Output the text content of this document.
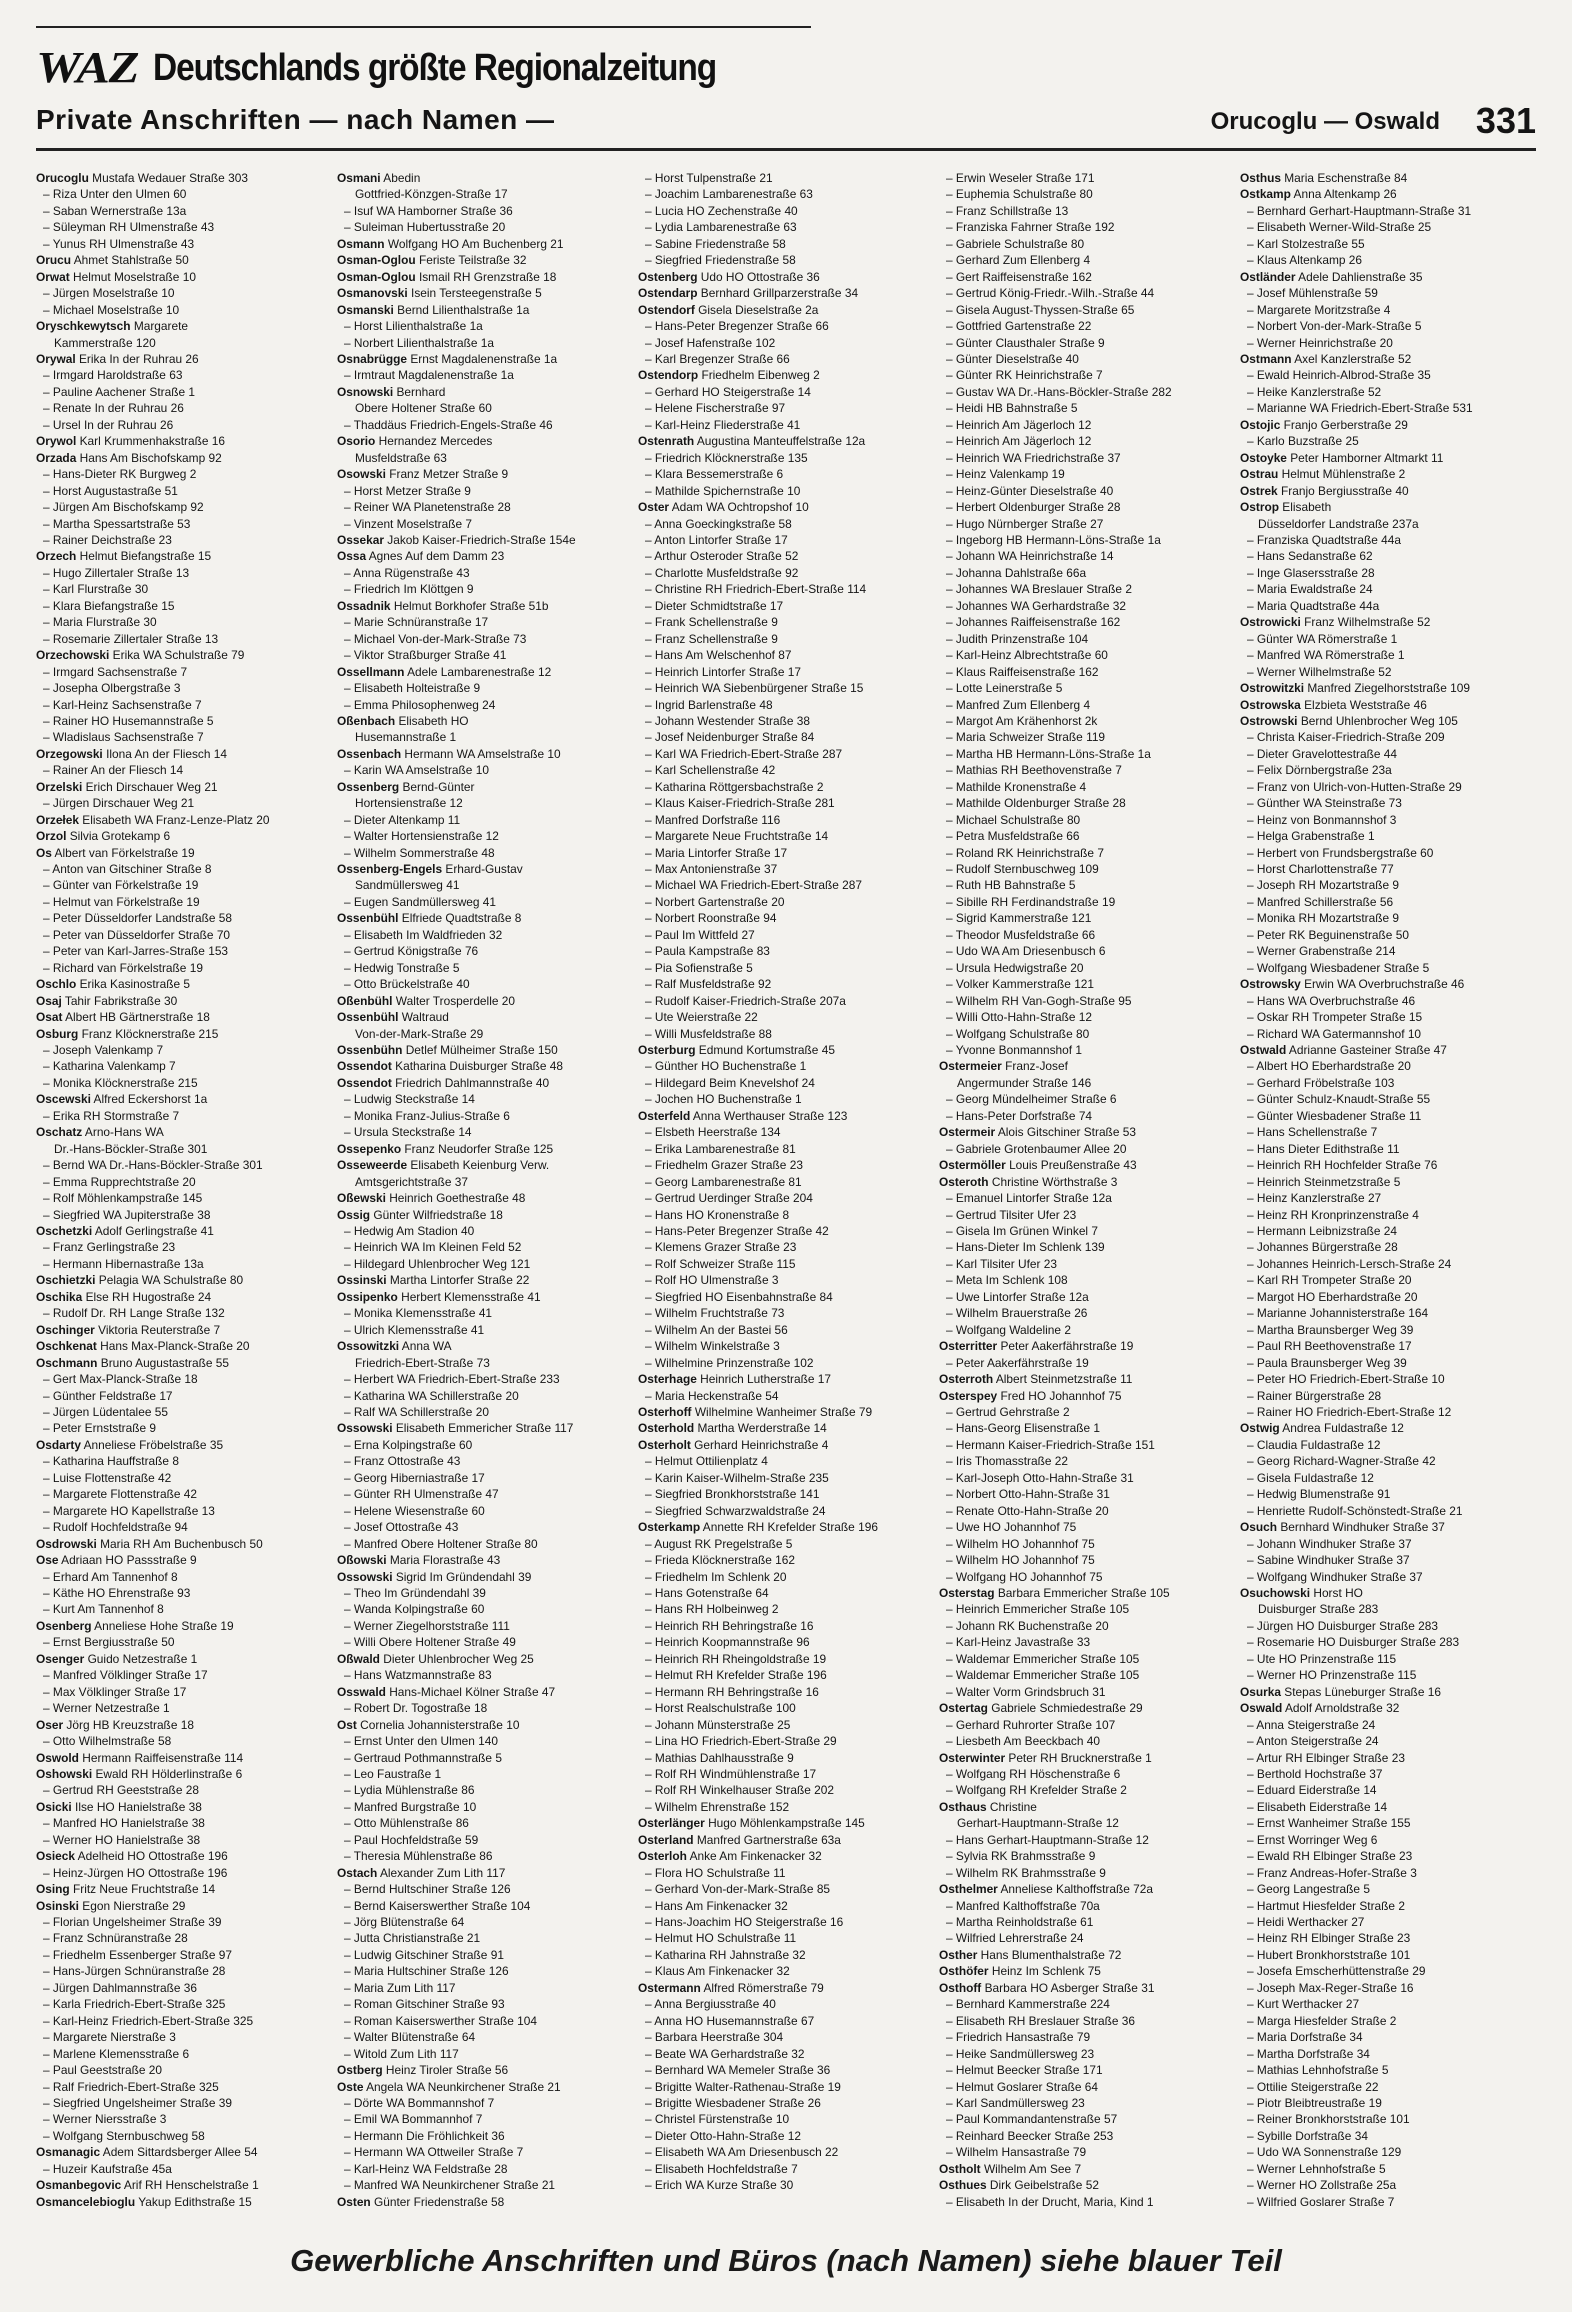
WAZ Deutschlands größte Regionalzeitung
Private Anschriften — nach Namen —	Orucoglu — Oswald 331
Orucoglu Mustafa Wedauer Straße 303
– Riza Unter den Ulmen 60
– Saban Wernerstraße 13a
– Süleyman RH Ulmenstraße 43
– Yunus RH Ulmenstraße 43
Orucu Ahmet Stahlstraße 50
Orwat Helmut Moselstraße 10
– Jürgen Moselstraße 10
– Michael Moselstraße 10
Oryschkewytsch Margarete
Kammerstraße 120
Orywal Erika In der Ruhrau 26
– Irmgard Haroldstraße 63
– Pauline Aachener Straße 1
– Renate In der Ruhrau 26
– Ursel In der Ruhrau 26
Orywol Karl Krummenhakstraße 16
Orzada Hans Am Bischofskamp 92
– Hans-Dieter RK Burgweg 2
– Horst Augustastraße 51
– Jürgen Am Bischofskamp 92
– Martha Spessartstraße 53
– Rainer Deichstraße 23
Orzech Helmut Biefangstraße 15
– Hugo Zillertaler Straße 13
– Karl Flurstraße 30
– Klara Biefangstraße 15
– Maria Flurstraße 30
– Rosemarie Zillertaler Straße 13
Orzechowski Erika WA Schulstraße 79
– Irmgard Sachsenstraße 7
– Josepha Olbergstraße 3
– Karl-Heinz Sachsenstraße 7
– Rainer HO Husemannstraße 5
– Wladislaus Sachsenstraße 7
Orzegowski Ilona An der Fliesch 14
– Rainer An der Fliesch 14
Orzelski Erich Dirschauer Weg 21
– Jürgen Dirschauer Weg 21
Orzełek Elisabeth WA Franz-Lenze-Platz 20
Orzol Silvia Grotekamp 6
Os Albert van Förkelstraße 19
– Anton van Gitschiner Straße 8
– Günter van Förkelstraße 19
– Helmut van Förkelstraße 19
– Peter Düsseldorfer Landstraße 58
– Peter van Düsseldorfer Straße 70
– Peter van Karl-Jarres-Straße 153
– Richard van Förkelstraße 19
Oschlo Erika Kasinostraße 5
Osaj Tahir Fabrikstraße 30
Osat Albert HB Gärtnerstraße 18
Osburg Franz Klöcknerstraße 215
– Joseph Valenkamp 7
– Katharina Valenkamp 7
– Monika Klöcknerstraße 215
Oscewski Alfred Eckershorst 1a
– Erika RH Stormstraße 7
Oschatz Arno-Hans WA
Dr.-Hans-Böckler-Straße 301
– Bernd WA Dr.-Hans-Böckler-Straße 301
– Emma Rupprechtstraße 20
– Rolf Möhlenkampstraße 145
– Siegfried WA Jupiterstraße 38
Oschetzki Adolf Gerlingstraße 41
– Franz Gerlingstraße 23
– Hermann Hibernastraße 13a
Oschietzki Pelagia WA Schulstraße 80
Oschika Else RH Hugostraße 24
– Rudolf Dr. RH Lange Straße 132
Oschinger Viktoria Reuterstraße 7
Oschkenat Hans Max-Planck-Straße 20
Oschmann Bruno Augustastraße 55
– Gert Max-Planck-Straße 18
– Günther Feldstraße 17
– Jürgen Lüdentalee 55
– Peter Ernststraße 9
Osdarty Anneliese Fröbelstraße 35
– Katharina Hauffstraße 8
– Luise Flottenstraße 42
– Margarete Flottenstraße 42
– Margarete HO Kapellstraße 13
– Rudolf Hochfeldstraße 94
Osdrowski Maria RH Am Buchenbusch 50
Ose Adriaan HO Passstraße 9
– Erhard Am Tannenhof 8
– Käthe HO Ehrenstraße 93
– Kurt Am Tannenhof 8
Osenberg Anneliese Hohe Straße 19
– Ernst Bergiusstraße 50
Osenger Guido Netzestraße 1
– Manfred Völklinger Straße 17
– Max Völklinger Straße 17
– Werner Netzestraße 1
Oser Jörg HB Kreuzstraße 18
– Otto Wilhelmstraße 58
Oswold Hermann Raiffeisenstraße 114
Oshowski Ewald RH Hölderlinstraße 6
– Gertrud RH Geeststraße 28
Osicki Ilse HO Hanielstraße 38
– Manfred HO Hanielstraße 38
– Werner HO Hanielstraße 38
Osieck Adelheid HO Ottostraße 196
– Heinz-Jürgen HO Ottostraße 196
Osing Fritz Neue Fruchtstraße 14
Osinski Egon Nierstraße 29
– Florian Ungelsheimer Straße 39
– Franz Schnüranstraße 28
– Friedhelm Essenberger Straße 97
– Hans-Jürgen Schnüranstraße 28
– Jürgen Dahlmannstraße 36
– Karla Friedrich-Ebert-Straße 325
– Karl-Heinz Friedrich-Ebert-Straße 325
– Margarete Nierstraße 3
– Marlene Klemensstraße 6
– Paul Geeststraße 20
– Ralf Friedrich-Ebert-Straße 325
– Siegfried Ungelsheimer Straße 39
– Werner Niersstraße 3
– Wolfgang Sternbuschweg 58
Osmanagic Adem Sittardsberger Allee 54
– Huzeir Kaufstraße 45a
Osmanbegovic Arif RH Henschelstraße 1
Osmancelebioglu Yakup Edithstraße 15
Osmani Abedin
Gottfried-Könzgen-Straße 17
– Isuf WA Hamborner Straße 36
– Suleiman Hubertusstraße 20
Osmann Wolfgang HO Am Buchenberg 21
Osman-Oglou Feriste Teilstraße 32
Osman-Oglou Ismail RH Grenzstraße 18
Osmanovski Isein Tersteegenstraße 5
Osmanski Bernd Lilienthalstraße 1a
– Horst Lilienthalstraße 1a
– Norbert Lilienthalstraße 1a
Osnabrügge Ernst Magdalenenstraße 1a
– Irmtraut Magdalenenstraße 1a
Osnowski Bernhard
Obere Holtener Straße 60
– Thaddäus Friedrich-Engels-Straße 46
Osorio Hernandez Mercedes
Musfeldstraße 63
Osowski Franz Metzer Straße 9
– Horst Metzer Straße 9
– Reiner WA Planetenstraße 28
– Vinzent Moselstraße 7
Ossekar Jakob Kaiser-Friedrich-Straße 154e
Ossa Agnes Auf dem Damm 23
– Anna Rügenstraße 43
– Friedrich Im Klöttgen 9
Ossadnik Helmut Borkhofer Straße 51b
– Marie Schnüranstraße 17
– Michael Von-der-Mark-Straße 73
– Viktor Straßburger Straße 41
Ossellmann Adele Lambarenestraße 12
– Elisabeth Holteistraße 9
– Emma Philosophenweg 24
Oßenbach Elisabeth HO
Husemannstraße 1
Ossenbach Hermann WA Amselstraße 10
– Karin WA Amselstraße 10
Ossenberg Bernd-Günter
Hortensienstraße 12
– Dieter Altenkamp 11
– Walter Hortensienstraße 12
– Wilhelm Sommerstraße 48
Ossenberg-Engels Erhard-Gustav
Sandmüllersweg 41
– Eugen Sandmüllersweg 41
Ossenbühl Elfriede Quadtstraße 8
– Elisabeth Im Waldfrieden 32
– Gertrud Königstraße 76
– Hedwig Tonstraße 5
– Otto Brückelstraße 40
Oßenbühl Walter Trosperdelle 20
Ossenbühl Waltraud
Von-der-Mark-Straße 29
Ossenbühn Detlef Mülheimer Straße 150
Ossendot Katharina Duisburger Straße 48
Ossendot Friedrich Dahlmannstraße 40
– Ludwig Steckstraße 14
– Monika Franz-Julius-Straße 6
– Ursula Steckstraße 14
Ossepenko Franz Neudorfer Straße 125
Osseweerde Elisabeth Keienburg Verw.
Amtsgerichtstraße 37
Oßewski Heinrich Goethestraße 48
Ossig Günter Wilfriedstraße 18
– Hedwig Am Stadion 40
– Heinrich WA Im Kleinen Feld 52
– Hildegard Uhlenbrocher Weg 121
Ossinski Martha Lintorfer Straße 22
Ossipenko Herbert Klemensstraße 41
– Monika Klemensstraße 41
– Ulrich Klemensstraße 41
Ossowitzki Anna WA
Friedrich-Ebert-Straße 73
– Herbert WA Friedrich-Ebert-Straße 233
– Katharina WA Schillerstraße 20
– Ralf WA Schillerstraße 20
Ossowski Elisabeth Emmericher Straße 117
– Erna Kolpingstraße 60
– Franz Ottostraße 43
– Georg Hiberniastraße 17
– Günter RH Ulmenstraße 47
– Helene Wiesenstraße 60
– Josef Ottostraße 43
– Manfred Obere Holtener Straße 80
Oßowski Maria Florastraße 43
Ossowski Sigrid Im Gründendahl 39
– Theo Im Gründendahl 39
– Wanda Kolpingstraße 60
– Werner Ziegelhorststraße 111
– Willi Obere Holtener Straße 49
Oßwald Dieter Uhlenbrocher Weg 25
– Hans Watzmannstraße 83
Osswald Hans-Michael Kölner Straße 47
– Robert Dr. Togostraße 18
Ost Cornelia Johannisterstraße 10
– Ernst Unter den Ulmen 140
– Gertraud Pothmannstraße 5
– Leo Faustraße 1
– Lydia Mühlenstraße 86
– Manfred Burgstraße 10
– Otto Mühlenstraße 86
– Paul Hochfeldstraße 59
– Theresia Mühlenstraße 86
Ostach Alexander Zum Lith 117
– Bernd Hultschiner Straße 126
– Bernd Kaiserswerther Straße 104
– Jörg Blütenstraße 64
– Jutta Christianstraße 21
– Ludwig Gitschiner Straße 91
– Maria Hultschiner Straße 126
– Maria Zum Lith 117
– Roman Gitschiner Straße 93
– Roman Kaiserswerther Straße 104
– Walter Blütenstraße 64
– Witold Zum Lith 117
Ostberg Heinz Tiroler Straße 56
Oste Angela WA Neunkirchener Straße 21
– Dörte WA Bommannshof 7
– Emil WA Bommannhof 7
– Hermann Die Fröhlichkeit 36
– Hermann WA Ottweiler Straße 7
– Karl-Heinz WA Feldstraße 28
– Manfred WA Neunkirchener Straße 21
Osten Günter Friedenstraße 58
– Horst Tulpenstraße 21
– Joachim Lambarenestraße 63
– Lucia HO Zechenstraße 40
– Lydia Lambarenestraße 63
– Sabine Friedenstraße 58
– Siegfried Friedenstraße 58
Ostenberg Udo HO Ottostraße 36
Ostendarp Bernhard Grillparzerstraße 34
Ostendorf Gisela Dieselstraße 2a
– Hans-Peter Bregenzer Straße 66
– Josef Hafenstraße 102
– Karl Bregenzer Straße 66
Ostendorp Friedhelm Eibenweg 2
– Gerhard HO Steigerstraße 14
– Helene Fischerstraße 97
– Karl-Heinz Fliederstraße 41
Ostenrath Augustina Manteuffelstraße 12a
– Friedrich Klöcknerstraße 135
– Klara Bessemerstraße 6
– Mathilde Spichernstraße 10
Oster Adam WA Ochtropshof 10
– Anna Goeckingkstraße 58
– Anton Lintorfer Straße 17
– Arthur Osteroder Straße 52
– Charlotte Musfeldstraße 92
– Christine RH Friedrich-Ebert-Straße 114
– Dieter Schmidtstraße 17
– Frank Schellenstraße 9
– Franz Schellenstraße 9
– Hans Am Welschenhof 87
– Heinrich Lintorfer Straße 17
– Heinrich WA Siebenbürgener Straße 15
– Ingrid Barlenstraße 48
– Johann Westender Straße 38
– Josef Neidenburger Straße 84
– Karl WA Friedrich-Ebert-Straße 287
– Karl Schellenstraße 42
– Katharina Röttgersbachstraße 2
– Klaus Kaiser-Friedrich-Straße 281
– Manfred Dorfstraße 116
– Margarete Neue Fruchtstraße 14
– Maria Lintorfer Straße 17
– Max Antonienstraße 37
– Michael WA Friedrich-Ebert-Straße 287
– Norbert Gartenstraße 20
– Norbert Roonstraße 94
– Paul Im Wittfeld 27
– Paula Kampstraße 83
– Pia Sofienstraße 5
– Ralf Musfeldstraße 92
– Rudolf Kaiser-Friedrich-Straße 207a
– Ute Weierstraße 22
– Willi Musfeldstraße 88
Osterburg Edmund Kortumstraße 45
– Günther HO Buchenstraße 1
– Hildegard Beim Knevelshof 24
– Jochen HO Buchenstraße 1
Osterfeld Anna Werthauser Straße 123
– Elsbeth Heerstraße 134
– Erika Lambarenestraße 81
– Friedhelm Grazer Straße 23
– Georg Lambarenestraße 81
– Gertrud Uerdinger Straße 204
– Hans HO Kronenstraße 8
– Hans-Peter Bregenzer Straße 42
– Klemens Grazer Straße 23
– Rolf Schweizer Straße 115
– Rolf HO Ulmenstraße 3
– Siegfried HO Eisenbahnstraße 84
– Wilhelm Fruchtstraße 73
– Wilhelm An der Bastei 56
– Wilhelm Winkelstraße 3
– Wilhelmine Prinzenstraße 102
Osterhage Heinrich Lutherstraße 17
– Maria Heckenstraße 54
Osterhoff Wilhelmine Wanheimer Straße 79
Osterhold Martha Werderstraße 14
Osterholt Gerhard Heinrichstraße 4
– Helmut Ottilienplatz 4
– Karin Kaiser-Wilhelm-Straße 235
– Siegfried Bronkhorststraße 141
– Siegfried Schwarzwaldstraße 24
Osterkamp Annette RH Krefelder Straße 196
– August RK Pregelstraße 5
– Frieda Klöcknerstraße 162
– Friedhelm Im Schlenk 20
– Hans Gotenstraße 64
– Hans RH Holbeinweg 2
– Heinrich RH Behringstraße 16
– Heinrich Koopmannstraße 96
– Heinrich RH Rheingoldstraße 19
– Helmut RH Krefelder Straße 196
– Hermann RH Behringstraße 16
– Horst Realschulstraße 100
– Johann Münsterstraße 25
– Lina HO Friedrich-Ebert-Straße 29
– Mathias Dahlhausstraße 9
– Rolf RH Windmühlenstraße 17
– Rolf RH Winkelhauser Straße 202
– Wilhelm Ehrenstraße 152
Osterlänger Hugo Möhlenkampstraße 145
Osterland Manfred Gartnerstraße 63a
Osterloh Anke Am Finkenacker 32
– Flora HO Schulstraße 11
– Gerhard Von-der-Mark-Straße 85
– Hans Am Finkenacker 32
– Hans-Joachim HO Steigerstraße 16
– Helmut HO Schulstraße 11
– Katharina RH Jahnstraße 32
– Klaus Am Finkenacker 32
Ostermann Alfred Römerstraße 79
– Anna Bergiusstraße 40
– Anna HO Husemannstraße 67
– Barbara Heerstraße 304
– Beate WA Gerhardstraße 32
– Bernhard WA Memeler Straße 36
– Brigitte Walter-Rathenau-Straße 19
– Brigitte Wiesbadener Straße 26
– Christel Fürstenstraße 10
– Dieter Otto-Hahn-Straße 12
– Elisabeth WA Am Driesenbusch 22
– Elisabeth Hochfeldstraße 7
– Erich WA Kurze Straße 30
– Erwin Weseler Straße 171
– Euphemia Schulstraße 80
– Franz Schillstraße 13
– Franziska Fahrner Straße 192
– Gabriele Schulstraße 80
– Gerhard Zum Ellenberg 4
– Gert Raiffeisenstraße 162
– Gertrud König-Friedr.-Wilh.-Straße 44
– Gisela August-Thyssen-Straße 65
– Gottfried Gartenstraße 22
– Günter Clausthaler Straße 9
– Günter Dieselstraße 40
– Günter RK Heinrichstraße 7
– Gustav WA Dr.-Hans-Böckler-Straße 282
– Heidi HB Bahnstraße 5
– Heinrich Am Jägerloch 12
– Heinrich Am Jägerloch 12
– Heinrich WA Friedrichstraße 37
– Heinz Valenkamp 19
– Heinz-Günter Dieselstraße 40
– Herbert Oldenburger Straße 28
– Hugo Nürnberger Straße 27
– Ingeborg HB Hermann-Löns-Straße 1a
– Johann WA Heinrichstraße 14
– Johanna Dahlstraße 66a
– Johannes WA Breslauer Straße 2
– Johannes WA Gerhardstraße 32
– Johannes Raiffeisenstraße 162
– Judith Prinzenstraße 104
– Karl-Heinz Albrechtstraße 60
– Klaus Raiffeisenstraße 162
– Lotte Leinerstraße 5
– Manfred Zum Ellenberg 4
– Margot Am Krähenhorst 2k
– Maria Schweizer Straße 119
– Martha HB Hermann-Löns-Straße 1a
– Mathias RH Beethovenstraße 7
– Mathilde Kronenstraße 4
– Mathilde Oldenburger Straße 28
– Michael Schulstraße 80
– Petra Musfeldstraße 66
– Roland RK Heinrichstraße 7
– Rudolf Sternbuschweg 109
– Ruth HB Bahnstraße 5
– Sibille RH Ferdinandstraße 19
– Sigrid Kammerstraße 121
– Theodor Musfeldstraße 66
– Udo WA Am Driesenbusch 6
– Ursula Hedwigstraße 20
– Volker Kammerstraße 121
– Wilhelm RH Van-Gogh-Straße 95
– Willi Otto-Hahn-Straße 12
– Wolfgang Schulstraße 80
– Yvonne Bonmannshof 1
Ostermeier Franz-Josef
Angermunder Straße 146
– Georg Mündelheimer Straße 6
– Hans-Peter Dorfstraße 74
Ostermeir Alois Gitschiner Straße 53
– Gabriele Grotenbaumer Allee 20
Ostermöller Louis Preußenstraße 43
Osteroth Christine Wörthstraße 3
– Emanuel Lintorfer Straße 12a
– Gertrud Tilsiter Ufer 23
– Gisela Im Grünen Winkel 7
– Hans-Dieter Im Schlenk 139
– Karl Tilsiter Ufer 23
– Meta Im Schlenk 108
– Uwe Lintorfer Straße 12a
– Wilhelm Brauerstraße 26
– Wolfgang Waldeline 2
Osterritter Peter Aakerfährstraße 19
– Peter Aakerfährstraße 19
Osterroth Albert Steinmetzstraße 11
Osterspey Fred HO Johannhof 75
– Gertrud Gehrstraße 2
– Hans-Georg Elisenstraße 1
– Hermann Kaiser-Friedrich-Straße 151
– Iris Thomasstraße 22
– Karl-Joseph Otto-Hahn-Straße 31
– Norbert Otto-Hahn-Straße 31
– Renate Otto-Hahn-Straße 20
– Uwe HO Johannhof 75
– Wilhelm HO Johannhof 75
– Wilhelm HO Johannhof 75
– Wolfgang HO Johannhof 75
Osterstag Barbara Emmericher Straße 105
– Heinrich Emmericher Straße 105
– Johann RK Buchenstraße 20
– Karl-Heinz Javastraße 33
– Waldemar Emmericher Straße 105
– Waldemar Emmericher Straße 105
– Walter Vorm Grindsbruch 31
Ostertag Gabriele Schmiedestraße 29
– Gerhard Ruhrorter Straße 107
– Liesbeth Am Beeckbach 40
Osterwinter Peter RH Brucknerstraße 1
– Wolfgang RH Höschenstraße 6
– Wolfgang RH Krefelder Straße 2
Osthaus Christine
Gerhart-Hauptmann-Straße 12
– Hans Gerhart-Hauptmann-Straße 12
– Sylvia RK Brahmsstraße 9
– Wilhelm RK Brahmsstraße 9
Osthelmer Anneliese Kalthoffstraße 72a
– Manfred Kalthoffstraße 70a
– Martha Reinholdstraße 61
– Wilfried Lehrerstraße 24
Osther Hans Blumenthalstraße 72
Osthöfer Heinz Im Schlenk 75
Osthoff Barbara HO Asberger Straße 31
– Bernhard Kammerstraße 224
– Elisabeth RH Breslauer Straße 36
– Friedrich Hansastraße 79
– Heike Sandmüllersweg 23
– Helmut Beecker Straße 171
– Helmut Goslarer Straße 64
– Karl Sandmüllersweg 23
– Paul Kommandantenstraße 57
– Reinhard Beecker Straße 253
– Wilhelm Hansastraße 79
Ostholt Wilhelm Am See 7
Osthues Dirk Geibelstraße 52
– Elisabeth In der Drucht, Maria, Kind 1
Osthus Maria Eschenstraße 84
Ostkamp Anna Altenkamp 26
– Bernhard Gerhart-Hauptmann-Straße 31
– Elisabeth Werner-Wild-Straße 25
– Karl Stolzestraße 55
– Klaus Altenkamp 26
Ostländer Adele Dahlienstraße 35
– Josef Mühlenstraße 59
– Margarete Moritzstraße 4
– Norbert Von-der-Mark-Straße 5
– Werner Heinrichstraße 20
Ostmann Axel Kanzlerstraße 52
– Ewald Heinrich-Albrod-Straße 35
– Heike Kanzlerstraße 52
– Marianne WA Friedrich-Ebert-Straße 531
Ostojic Franjo Gerberstraße 29
– Karlo Buzstraße 25
Ostoyke Peter Hamborner Altmarkt 11
Ostrau Helmut Mühlenstraße 2
Ostrek Franjo Bergiusstraße 40
Ostrop Elisabeth
Düsseldorfer Landstraße 237a
– Franziska Quadtstraße 44a
– Hans Sedanstraße 62
– Inge Glasersstraße 28
– Maria Ewaldstraße 24
– Maria Quadtstraße 44a
Ostrowicki Franz Wilhelmstraße 52
– Günter WA Römerstraße 1
– Manfred WA Römerstraße 1
– Werner Wilhelmstraße 52
Ostrowitzki Manfred Ziegelhorststraße 109
Ostrowska Elzbieta Weststraße 46
Ostrowski Bernd Uhlenbrocher Weg 105
– Christa Kaiser-Friedrich-Straße 209
– Dieter Gravelottestraße 44
– Felix Dörnbergstraße 23a
– Franz von Ulrich-von-Hutten-Straße 29
– Günther WA Steinstraße 73
– Heinz von Bonmannshof 3
– Helga Grabenstraße 1
– Herbert von Frundsbergstraße 60
– Horst Charlottenstraße 77
– Joseph RH Mozartstraße 9
– Manfred Schillerstraße 56
– Monika RH Mozartstraße 9
– Peter RK Beguinenstraße 50
– Werner Grabenstraße 214
– Wolfgang Wiesbadener Straße 5
Ostrowsky Erwin WA Overbruchstraße 46
– Hans WA Overbruchstraße 46
– Oskar RH Trompeter Straße 15
– Richard WA Gatermannshof 10
Ostwald Adrianne Gasteiner Straße 47
– Albert HO Eberhardstraße 20
– Gerhard Fröbelstraße 103
– Günter Schulz-Knaudt-Straße 55
– Günter Wiesbadener Straße 11
– Hans Schellenstraße 7
– Hans Dieter Edithstraße 11
– Heinrich RH Hochfelder Straße 76
– Heinrich Steinmetzstraße 5
– Heinz Kanzlerstraße 27
– Heinz RH Kronprinzenstraße 4
– Hermann Leibnizstraße 24
– Johannes Bürgerstraße 28
– Johannes Heinrich-Lersch-Straße 24
– Karl RH Trompeter Straße 20
– Margot HO Eberhardstraße 20
– Marianne Johannisterstraße 164
– Martha Braunsberger Weg 39
– Paul RH Beethovenstraße 17
– Paula Braunsberger Weg 39
– Peter HO Friedrich-Ebert-Straße 10
– Rainer Bürgerstraße 28
– Rainer HO Friedrich-Ebert-Straße 12
Ostwig Andrea Fuldastraße 12
– Claudia Fuldastraße 12
– Georg Richard-Wagner-Straße 42
– Gisela Fuldastraße 12
– Hedwig Blumenstraße 91
– Henriette Rudolf-Schönstedt-Straße 21
Osuch Bernhard Windhuker Straße 37
– Johann Windhuker Straße 37
– Sabine Windhuker Straße 37
– Wolfgang Windhuker Straße 37
Osuchowski Horst HO
Duisburger Straße 283
– Jürgen HO Duisburger Straße 283
– Rosemarie HO Duisburger Straße 283
– Ute HO Prinzenstraße 115
– Werner HO Prinzenstraße 115
Osurka Stepas Lüneburger Straße 16
Oswald Adolf Arnoldstraße 32
– Anna Steigerstraße 24
– Anton Steigerstraße 24
– Artur RH Elbinger Straße 23
– Berthold Hochstraße 37
– Eduard Eiderstraße 14
– Elisabeth Eiderstraße 14
– Ernst Wanheimer Straße 155
– Ernst Worringer Weg 6
– Ewald RH Elbinger Straße 23
– Franz Andreas-Hofer-Straße 3
– Georg Langestraße 5
– Hartmut Hiesfelder Straße 2
– Heidi Werthacker 27
– Heinz RH Elbinger Straße 23
– Hubert Bronkhorststraße 101
– Josefa Emscherhüttenstraße 29
– Joseph Max-Reger-Straße 16
– Kurt Werthacker 27
– Marga Hiesfelder Straße 2
– Maria Dorfstraße 34
– Martha Dorfstraße 34
– Mathias Lehnhofstraße 5
– Ottilie Steigerstraße 22
– Piotr Bleibtreustraße 19
– Reiner Bronkhorststraße 101
– Sybille Dorfstraße 34
– Udo WA Sonnenstraße 129
– Werner Lehnhofstraße 5
– Werner HO Zollstraße 25a
– Wilfried Goslarer Straße 7
Gewerbliche Anschriften und Büros (nach Namen) siehe blauer Teil
